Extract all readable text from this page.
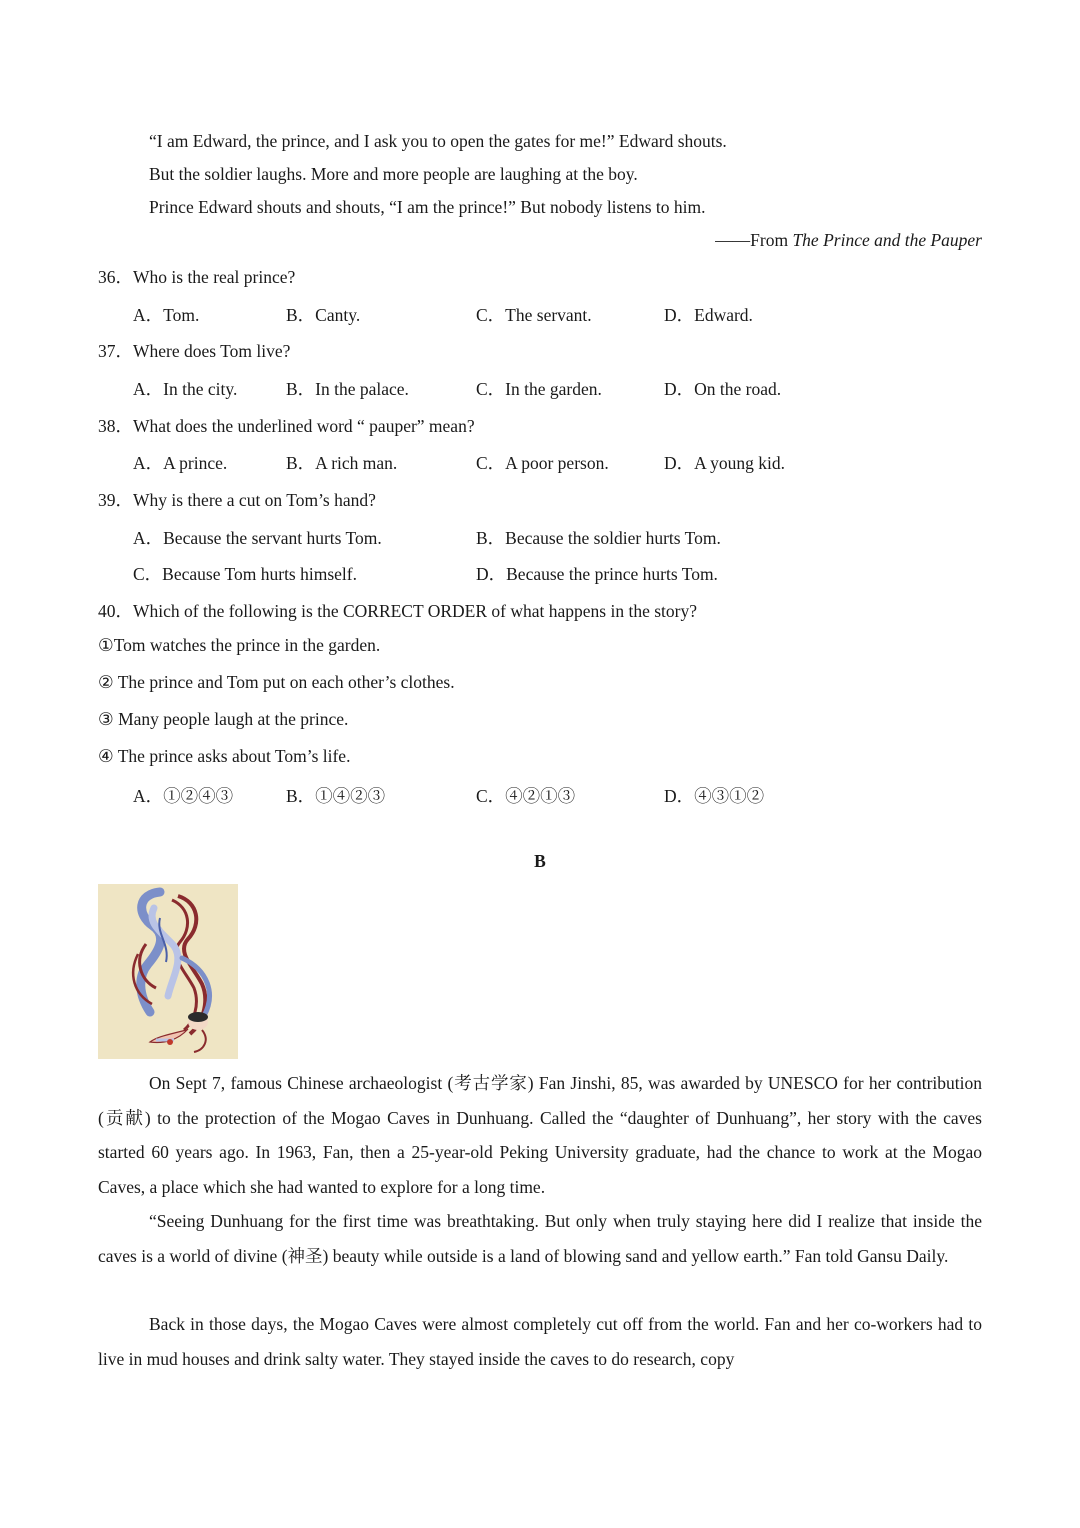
“I am Edward, the prince, and I ask you to open the gates for me!” Edward shouts.
But the soldier laughs. More and more people are laughing at the boy.
Prince Edward shouts and shouts, “I am the prince!” But nobody listens to him.
——From The Prince and the Pauper
36．Who is the real prince?
A．Tom.	B．Canty.	C．The servant.	D．Edward.
37．Where does Tom live?
A．In the city.	B．In the palace.	C．In the garden.	D．On the road.
38．What does the underlined word “ pauper” mean?
A．A prince.	B．A rich man.	C．A poor person.	D．A young kid.
39．Why is there a cut on Tom’s hand?
A．Because the servant hurts Tom.	B．Because the soldier hurts Tom.
C．Because Tom hurts himself.	D．Because the prince hurts Tom.
40．Which of the following is the CORRECT ORDER of what happens in the story?
①Tom watches the prince in the garden.
② The prince and Tom put on each other’s clothes.
③ Many people laugh at the prince.
④ The prince asks about Tom’s life.
A．①②④③	B．①④②③	C．④②①③	D．④③①②
B
On Sept 7, famous Chinese archaeologist (考古学家) Fan Jinshi, 85, was awarded by UNESCO for her contribution (贡献) to the protection of the Mogao Caves in Dunhuang. Called the “daughter of Dunhuang”, her story with the caves started 60 years ago. In 1963, Fan, then a 25-year-old Peking University graduate, had the chance to work at the Mogao Caves, a place which she had wanted to explore for a long time.
“Seeing Dunhuang for the first time was breathtaking. But only when truly staying here did I realize that inside the caves is a world of divine (神圣) beauty while outside is a land of blowing sand and yellow earth.” Fan told Gansu Daily.
Back in those days, the Mogao Caves were almost completely cut off from the world. Fan and her co-workers had to live in mud houses and drink salty water. They stayed inside the caves to do research, copy
